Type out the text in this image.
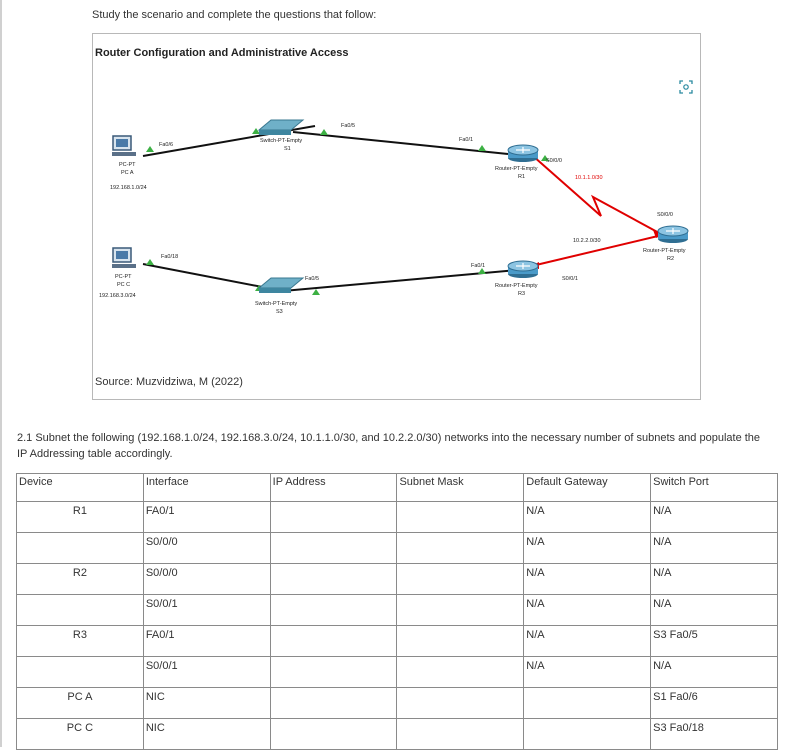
Study the scenario and complete the questions that follow:
Router Configuration and Administrative Access
Fa0/6
PC-PT
PC A
192.168.1.0/24
Switch-PT-Empty
S1
Fa0/5
Fa0/1
Router-PT-Empty
R1
S0/0/0
10.1.1.0/30
S0/0/0
Router-PT-Empty
R2
10.2.2.0/30
Fa0/1
S0/0/1
Router-PT-Empty
R3
Fa0/18
PC-PT
PC C
192.168.3.0/24
Fa0/5
Switch-PT-Empty
S3
Source: Muzvidziwa, M (2022)
2.1 Subnet the following (192.168.1.0/24, 192.168.3.0/24, 10.1.1.0/30, and 10.2.2.0/30) networks into the necessary number of subnets and populate the IP Addressing table accordingly.
Device	Interface	IP Address	Subnet Mask	Default Gateway	Switch Port
R1	FA0/1			N/A	N/A
	S0/0/0			N/A	N/A
R2	S0/0/0			N/A	N/A
	S0/0/1			N/A	N/A
R3	FA0/1			N/A	S3 Fa0/5
	S0/0/1			N/A	N/A
PC A	NIC				S1 Fa0/6
PC C	NIC				S3 Fa0/18
